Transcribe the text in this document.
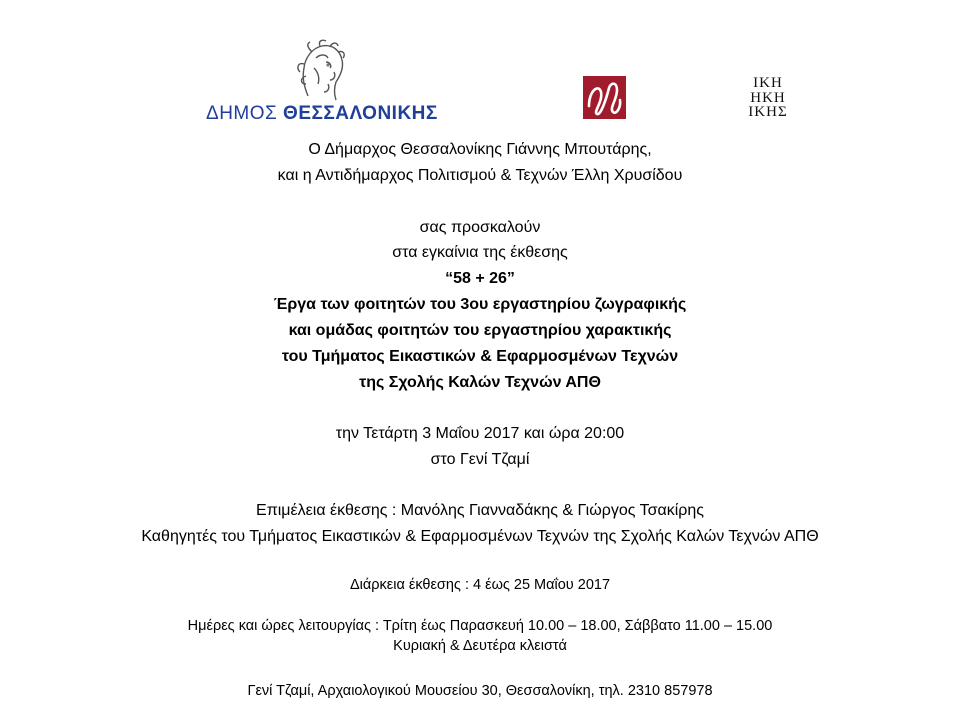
ΔΗΜΟΣ ΘΕΣΣΑΛΟΝΙΚΗΣ
ΙΚΗ
ΗΚΗ
ΙΚΗΣ
Ο Δήμαρχος Θεσσαλονίκης Γιάννης Μπουτάρης,
και η Αντιδήμαρχος Πολιτισμού & Τεχνών Έλλη Χρυσίδου
σας προσκαλούν
στα εγκαίνια της έκθεσης
“58 + 26”
Έργα των φοιτητών του 3ου εργαστηρίου ζωγραφικής
και ομάδας φοιτητών του εργαστηρίου χαρακτικής
του Τμήματος Εικαστικών & Εφαρμοσμένων Τεχνών
της Σχολής Καλών Τεχνών ΑΠΘ
την Τετάρτη 3 Μαΐου 2017 και ώρα 20:00
στο Γενί Τζαμί
Επιμέλεια έκθεσης : Μανόλης Γιανναδάκης & Γιώργος Τσακίρης
Καθηγητές του Τμήματος Εικαστικών & Εφαρμοσμένων Τεχνών της Σχολής Καλών Τεχνών ΑΠΘ
Διάρκεια έκθεσης : 4 έως 25 Μαΐου 2017
Ημέρες και ώρες λειτουργίας : Τρίτη έως Παρασκευή 10.00 – 18.00, Σάββατο 11.00 – 15.00
Κυριακή & Δευτέρα κλειστά
Γενί Τζαμί, Αρχαιολογικού Μουσείου 30, Θεσσαλονίκη, τηλ. 2310 857978
